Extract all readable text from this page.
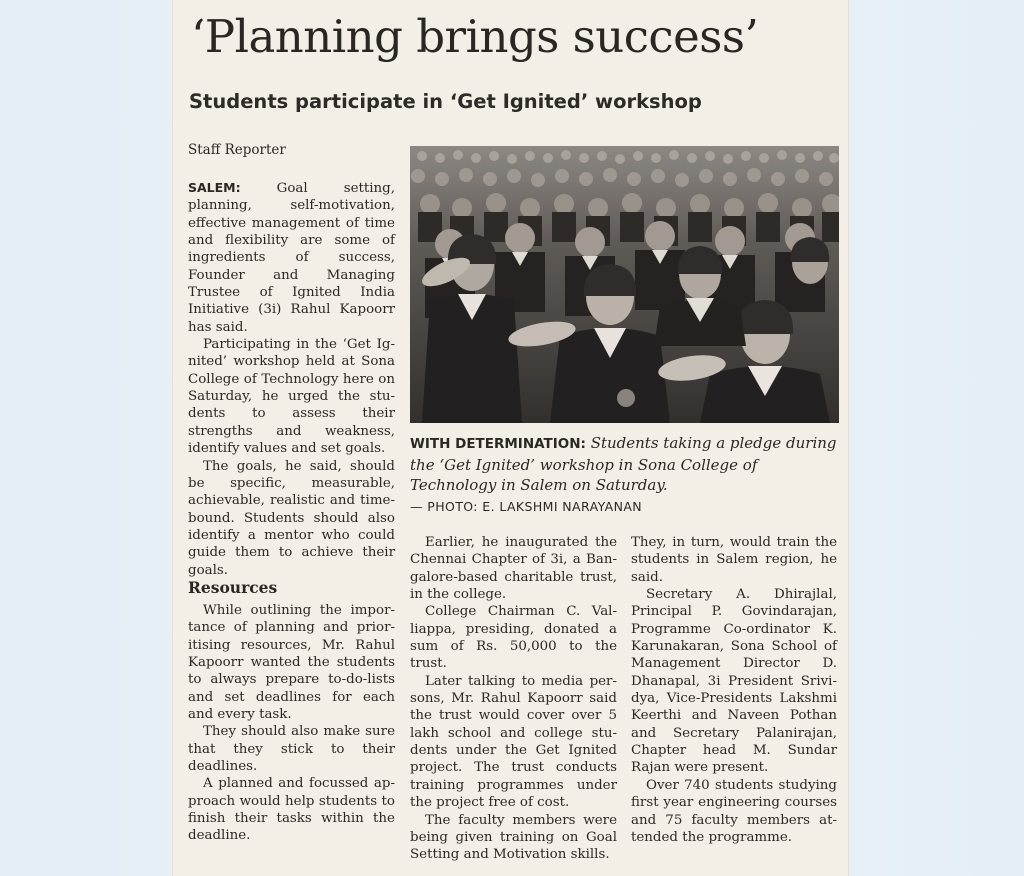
‘Planning brings success’
Students participate in ‘Get Ignited’ workshop
Staff Reporter

SALEM:	Goal setting, planning, self-motivation, effective management of time and flexibility are some of ingredients of success, Founder and Managing Trustee of Ignited India Initiative (3i) Rahul Kapoorr has said.

Participating in the ‘Get Ignited’ workshop held at Sona College of Technology here on Saturday, he urged the students to assess their strengths and weakness, identify values and set goals.

The goals, he said, should be specific, measurable, achievable, realistic and time-bound. Students should also identify a mentor who could guide them to achieve their goals.

Resources

While outlining the importance of planning and prioritising resources, Mr. Rahul Kapoorr wanted the students to always prepare to-do-lists and set deadlines for each and every task.

They should also make sure that they stick to their deadlines.

A planned and focussed approach would help students to finish their tasks within the deadline.

WITH DETERMINATION: Students taking a pledge during the ‘Get Ignited’ workshop in Sona College of Technology in Salem on Saturday.
— PHOTO: E. LAKSHMI NARAYANAN

Earlier, he inaugurated the Chennai Chapter of 3i, a Bangalore-based charitable trust, in the college.

College Chairman C. Valliappa, presiding, donated a sum of Rs. 50,000 to the trust.

Later talking to media persons, Mr. Rahul Kapoorr said the trust would cover over 5 lakh school and college students under the Get Ignited project. The trust conducts training programmes under the project free of cost.

The faculty members were being given training on Goal Setting and Motivation skills.

They, in turn, would train the students in Salem region, he said.

Secretary A. Dhirajlal, Principal P. Govindarajan, Programme Co-ordinator K. Karunakaran, Sona School of Management Director D. Dhanapal, 3i President Srividya, Vice-Presidents Lakshmi Keerthi and Naveen Pothan and Secretary Palanirajan, Chapter head M. Sundar Rajan were present.

Over 740 students studying first year engineering courses and 75 faculty members attended the programme.
